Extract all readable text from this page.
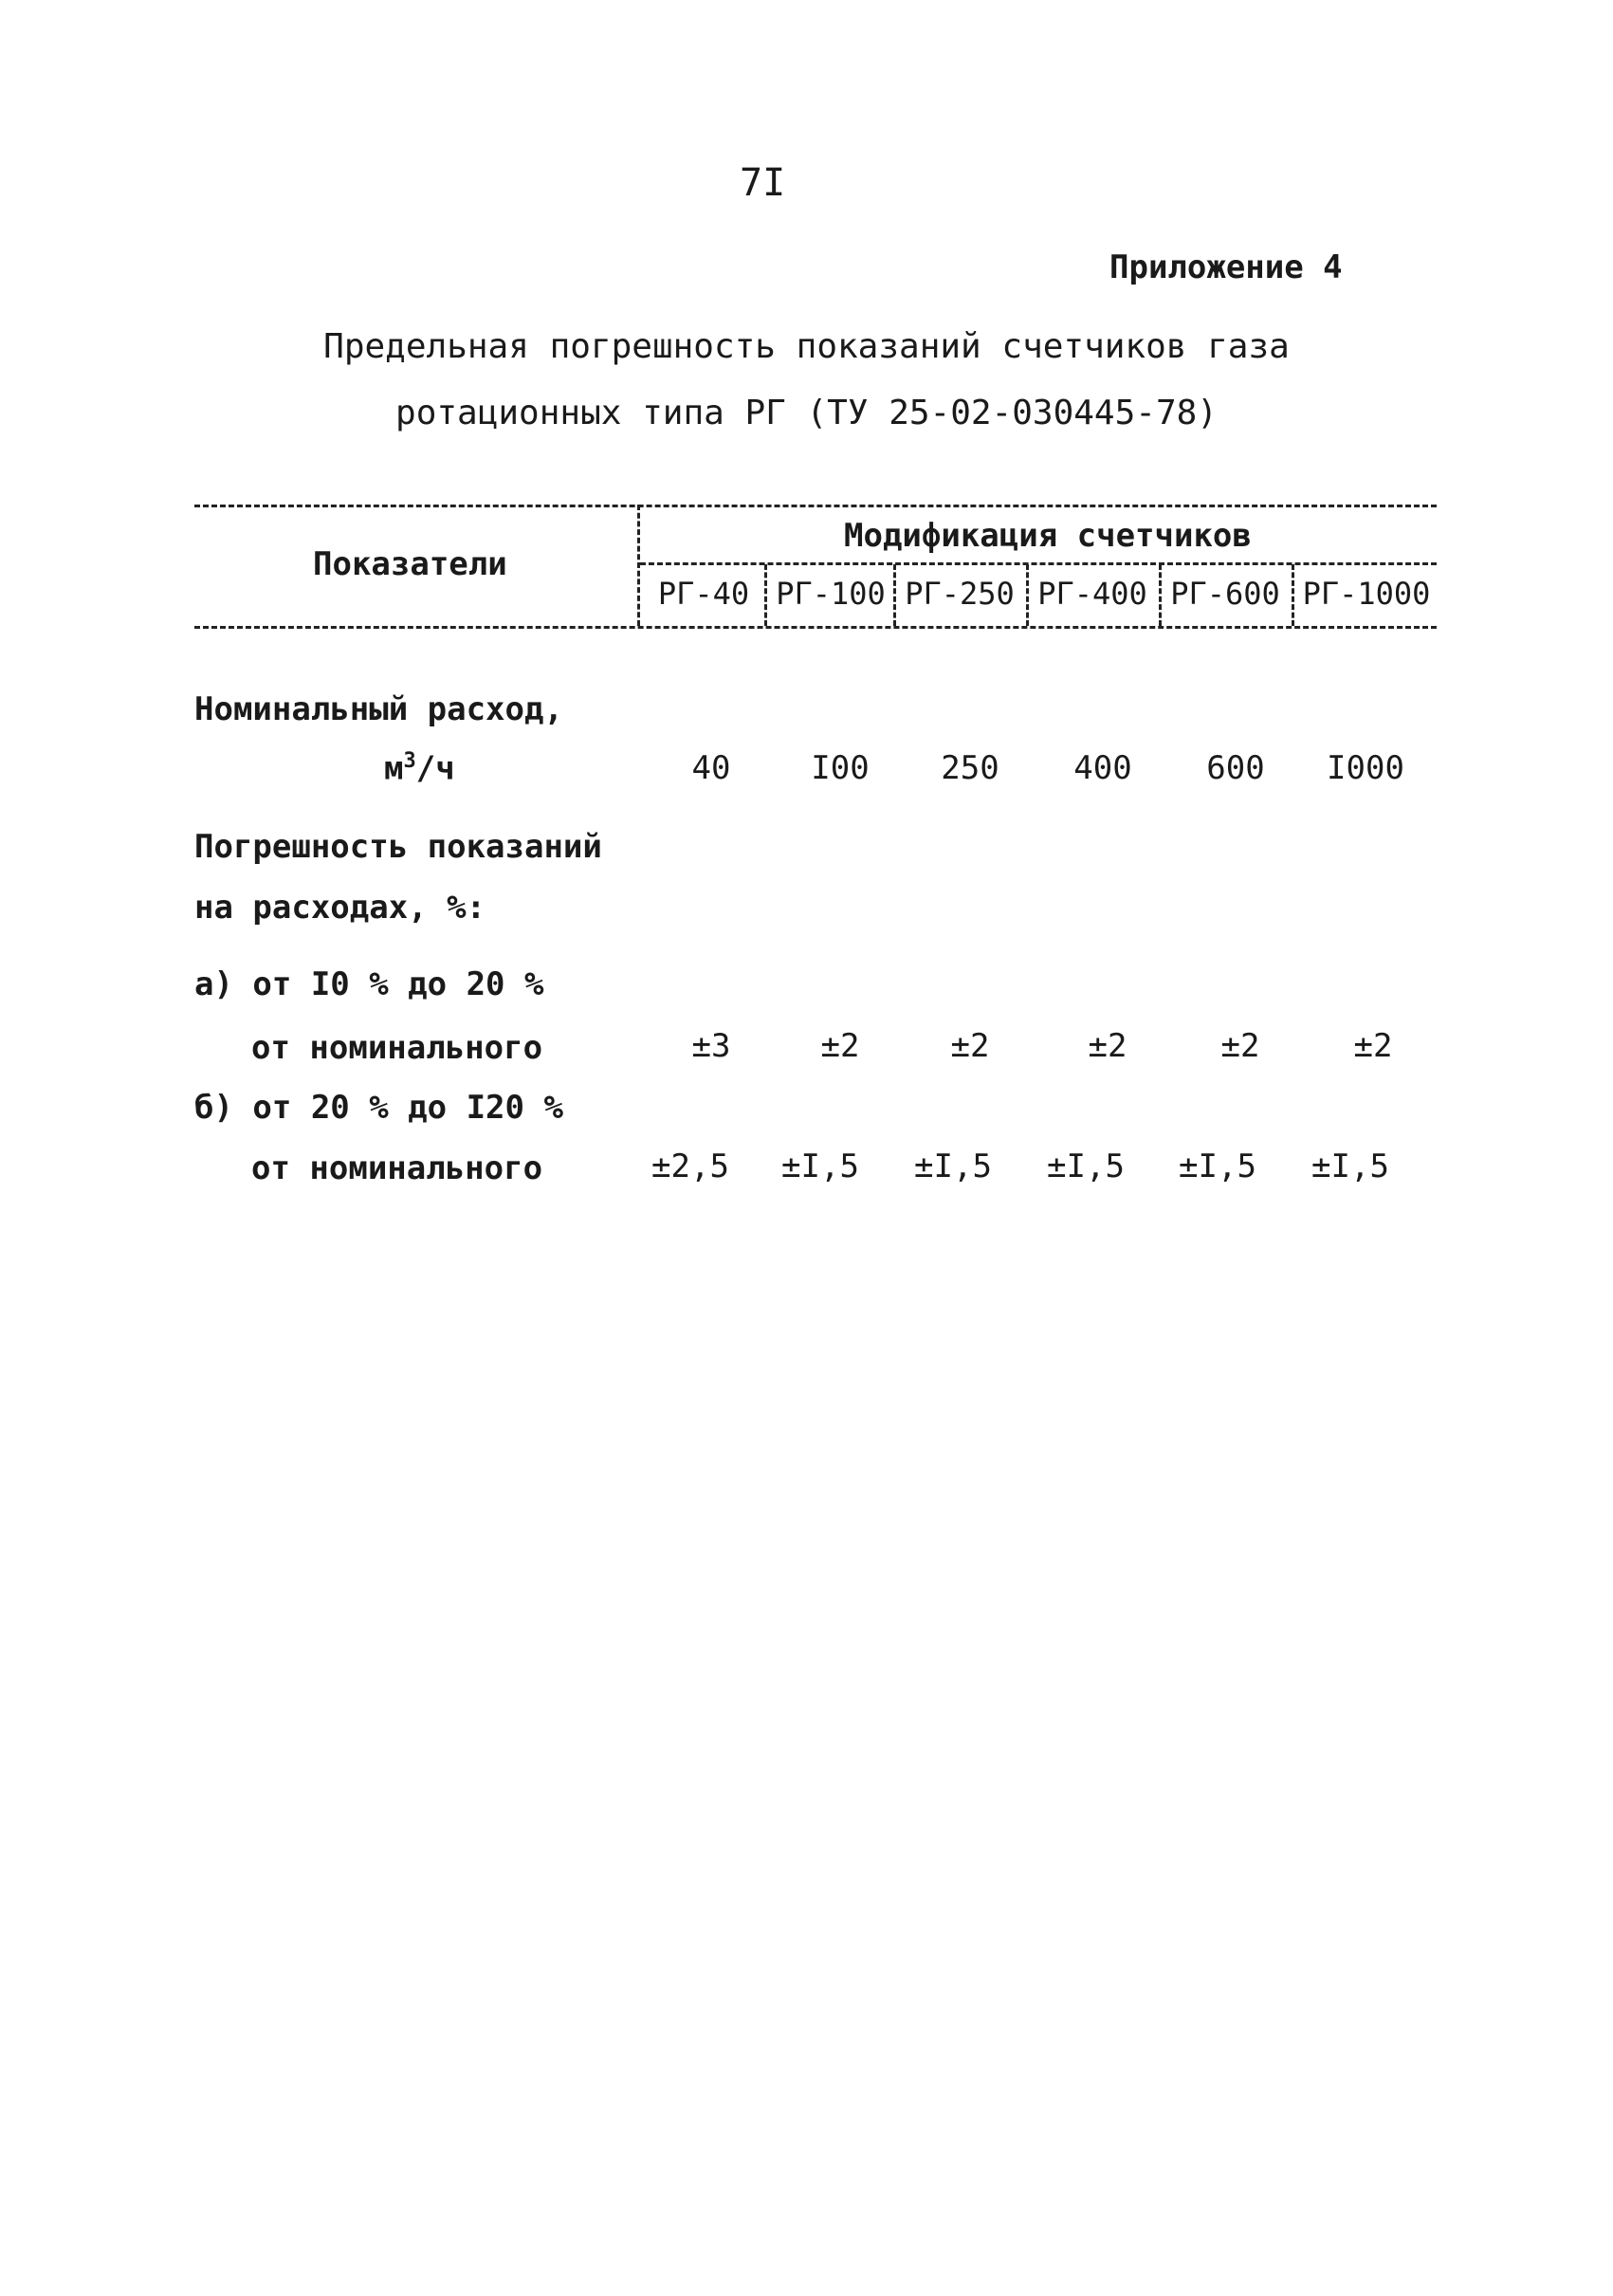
7I
Приложение 4
Предельная погрешность показаний счетчиков газа
ротационных типа РГ (ТУ 25-02-030445-78)
Показатели
Модификация счетчиков
РГ-40 РГ-100 РГ-250 РГ-400 РГ-600 РГ-1000
Номинальный расход,
$м^3/ч$	40	I00	250	400	600	I000
Погрешность показаний
на расходах, %:
а) от I0 % до 20 %
от номинального	±3	±2	±2	±2	±2	±2
б) от 20 % до I20 %
от номинального	±2,5	±I,5	±I,5	±I,5	±I,5	±I,5
